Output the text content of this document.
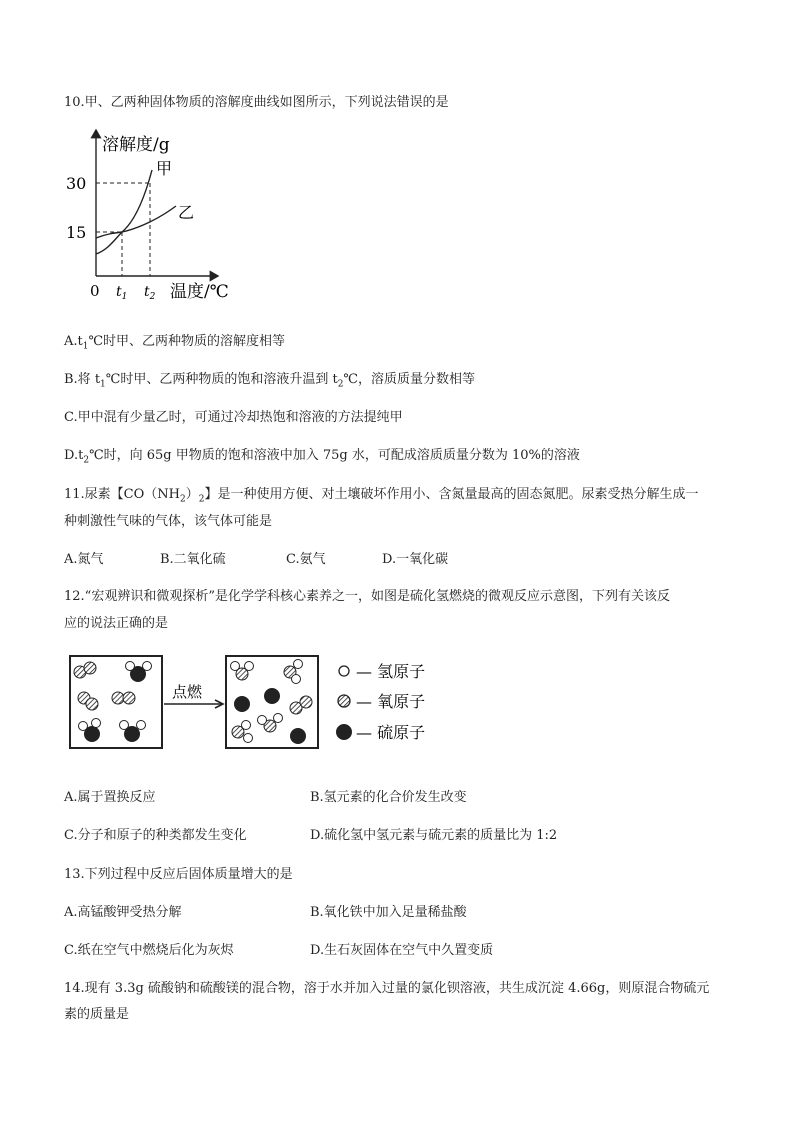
10.甲、乙两种固体物质的溶解度曲线如图所示，下列说法错误的是
溶解度/g
温度/℃
0
30
15
甲
乙
$t_1$ $t_2$
$A.t_1℃$时甲、乙两种物质的溶解度相等
B.将 $t_1℃$时甲、乙两种物质的饱和溶液升温到 $t_2℃$，溶质质量分数相等
C.甲中混有少量乙时，可通过冷却热饱和溶液的方法提纯甲
$D.t_2℃$时，向 65g 甲物质的饱和溶液中加入 75g 水，可配成溶质质量分数为 10%的溶液
11.尿素【$CO(NH_2)_2$】是一种使用方便、对土壤破坏作用小、含氮量最高的固态氮肥。尿素受热分解生成一
种刺激性气味的气体，该气体可能是
A.氮气	B.二氧化硫	C.氨气	D.一氧化碳
12.“宏观辨识和微观探析”是化学学科核心素养之一，如图是硫化氢燃烧的微观反应示意图，下列有关该反
应的说法正确的是
点燃
— 氢原子
— 氧原子
— 硫原子
A.属于置换反应	B.氢元素的化合价发生改变
C.分子和原子的种类都发生变化	D.硫化氢中氢元素与硫元素的质量比为 1:2
13.下列过程中反应后固体质量增大的是
A.高锰酸钾受热分解	B.氧化铁中加入足量稀盐酸
C.纸在空气中燃烧后化为灰烬	D.生石灰固体在空气中久置变质
14.现有 3.3g 硫酸钠和硫酸镁的混合物，溶于水并加入过量的氯化钡溶液，共生成沉淀 4.66g，则原混合物硫元
素的质量是
